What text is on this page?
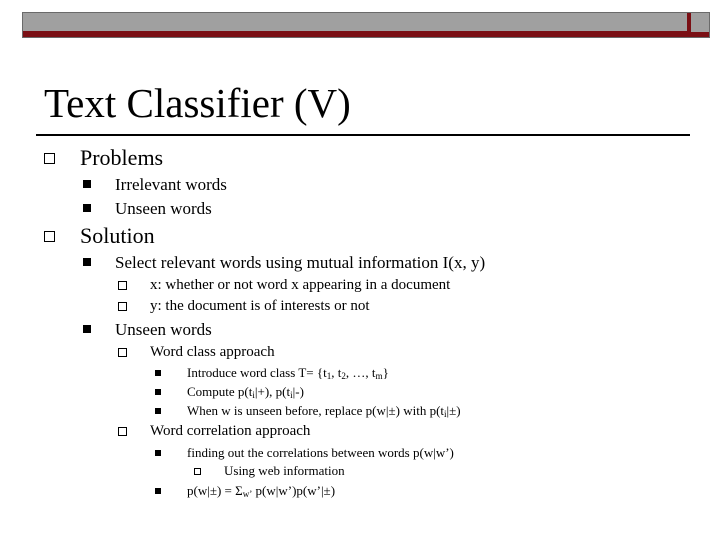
Text Classifier (V)
Problems
Irrelevant words
Unseen words
Solution
Select relevant words using mutual information I(x, y)
x: whether or not word x appearing in a document
y: the document is of interests or not
Unseen words
Word class approach
Introduce word class $T= \{t_1$, $t_2$, …, $t_m$}
Compute $p(t_i|+)$, $p(t_i|-)$
When w is unseen before, replace p(w|±) with $p(t_i|\pm)$
Word correlation approach
finding out the correlations between words p(w|w’)
Using web information
$p(w|\pm) = \Sigma_{w’}$ p(w|w’)p(w’|±)
